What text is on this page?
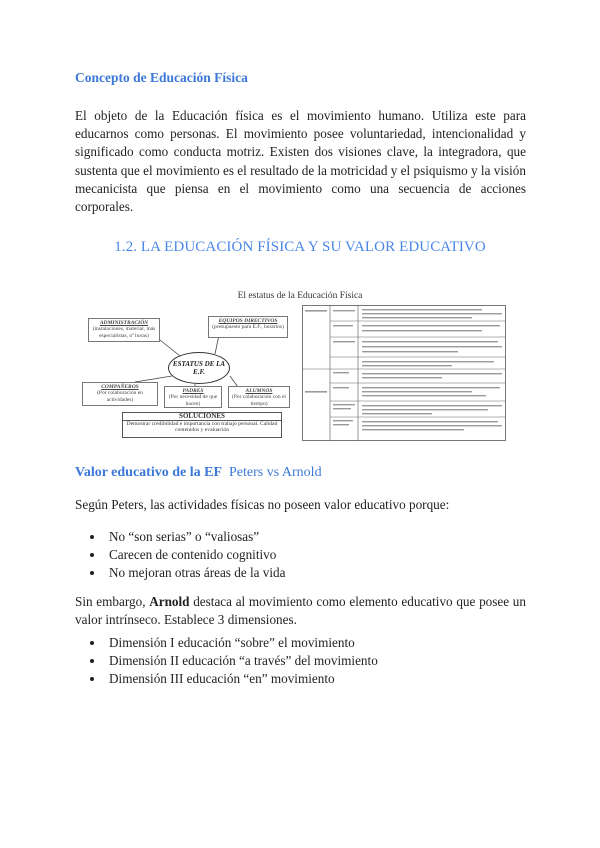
Concepto de Educación Física
El objeto de la Educación física es el movimiento humano. Utiliza este para educarnos como personas. El movimiento posee voluntariedad, intencionalidad y significado como conducta motriz. Existen dos visiones clave, la integradora, que sustenta que el movimiento es el resultado de la motricidad y el psiquismo y la visión mecanicista que piensa en el movimiento como una secuencia de acciones corporales.
1.2. LA EDUCACIÓN FÍSICA Y SU VALOR EDUCATIVO
El estatus de la Educación Física
ADMINISTRACIÓN
(instalaciones, material, más especialistas, nº horas)
EQUIPOS DIRECTIVOS
(presupuesto para E.F., horarios)
ESTATUS DE LA E.F.
COMPAÑEROS
(Por colaboración en actividades)
PADRES
(Por necesidad de que hacen)
ALUMNOS
(Por colaboración con el tiempo)
SOLUCIONES
Demostrar credibilidad e importancia con trabajo personal. Calidad contenidos y evaluación
Valor educativo de la EF Peters vs Arnold
Según Peters, las actividades físicas no poseen valor educativo porque:
No “son serias” o “valiosas”
Carecen de contenido cognitivo
No mejoran otras áreas de la vida
Sin embargo, Arnold destaca al movimiento como elemento educativo que posee un valor intrínseco. Establece 3 dimensiones.
Dimensión I educación “sobre” el movimiento
Dimensión II educación “a través” del movimiento
Dimensión III educación “en” movimiento
